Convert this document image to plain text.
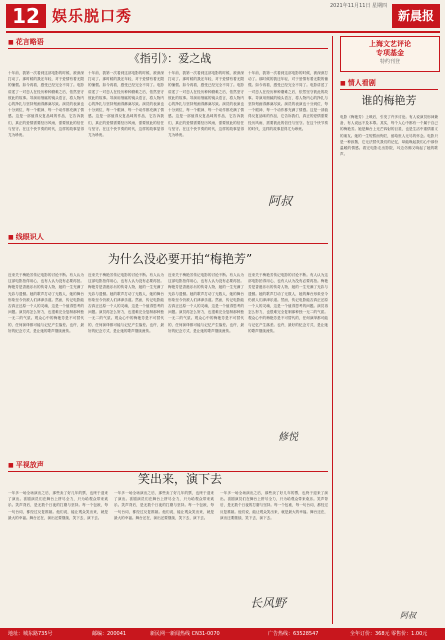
12 娱乐脱口秀
2021年11月11日 星期四
新晨报
■ 花言略语
《指引》：爱之战
十年前，我第一次看到这部电影的时候，被深深打动了。那时候的我还年轻，对于爱情有着无限的憧憬。如今再看，感受已经完全不同了。电影讲述了一对恋人在经历种种磨难之后，依然坚守彼此的故事。导演用细腻的镜头语言，将人物内心的挣扎与坚持刻画得淋漓尽致。演员的表演也十分到位，每一个眼神、每一个动作都充满了情感。这是一部值得反复品味的作品，它告诉我们，真正的爱情需要经历风雨，需要彼此的信任与坚守。在这个快节奏的时代，这样的故事显得尤为珍贵。
十年前，我第一次看到这部电影的时候，被深深打动了。那时候的我还年轻，对于爱情有着无限的憧憬。如今再看，感受已经完全不同了。电影讲述了一对恋人在经历种种磨难之后，依然坚守彼此的故事。导演用细腻的镜头语言，将人物内心的挣扎与坚持刻画得淋漓尽致。演员的表演也十分到位，每一个眼神、每一个动作都充满了情感。这是一部值得反复品味的作品，它告诉我们，真正的爱情需要经历风雨，需要彼此的信任与坚守。在这个快节奏的时代，这样的故事显得尤为珍贵。
十年前，我第一次看到这部电影的时候，被深深打动了。那时候的我还年轻，对于爱情有着无限的憧憬。如今再看，感受已经完全不同了。电影讲述了一对恋人在经历种种磨难之后，依然坚守彼此的故事。导演用细腻的镜头语言，将人物内心的挣扎与坚持刻画得淋漓尽致。演员的表演也十分到位，每一个眼神、每一个动作都充满了情感。这是一部值得反复品味的作品，它告诉我们，真正的爱情需要经历风雨，需要彼此的信任与坚守。在这个快节奏的时代，这样的故事显得尤为珍贵。
十年前，我第一次看到这部电影的时候，被深深打动了。那时候的我还年轻，对于爱情有着无限的憧憬。如今再看，感受已经完全不同了。电影讲述了一对恋人在经历种种磨难之后，依然坚守彼此的故事。导演用细腻的镜头语言，将人物内心的挣扎与坚持刻画得淋漓尽致。演员的表演也十分到位，每一个眼神、每一个动作都充满了情感。这是一部值得反复品味的作品，它告诉我们，真正的爱情需要经历风雨，需要彼此的信任与坚守。在这个快节奏的时代，这样的故事显得尤为珍贵。
阿叔
■ 线眼识人
为什么没必要开拍“梅艳芳”
近来关于梅艳芳传记电影的讨论不断。有人认为这部电影拍得用心，也有人认为没有必要再拍。梅艳芳是香港乐坛的传奇人物，她的一生充满了光彩与遗憾。她的歌声打动了无数人，她的舞台形象至今仍被人们津津乐道。然而，传记电影能否真正还原一个人的灵魂，这是一个值得思考的问题。演员再怎么努力，也很难完全复制那种独一无二的气质。观众心中的梅艳芳是不可替代的，任何演绎都可能与记忆产生落差。也许，最好的纪念方式，是让她的歌声继续流传。
近来关于梅艳芳传记电影的讨论不断。有人认为这部电影拍得用心，也有人认为没有必要再拍。梅艳芳是香港乐坛的传奇人物，她的一生充满了光彩与遗憾。她的歌声打动了无数人，她的舞台形象至今仍被人们津津乐道。然而，传记电影能否真正还原一个人的灵魂，这是一个值得思考的问题。演员再怎么努力，也很难完全复制那种独一无二的气质。观众心中的梅艳芳是不可替代的，任何演绎都可能与记忆产生落差。也许，最好的纪念方式，是让她的歌声继续流传。
近来关于梅艳芳传记电影的讨论不断。有人认为这部电影拍得用心，也有人认为没有必要再拍。梅艳芳是香港乐坛的传奇人物，她的一生充满了光彩与遗憾。她的歌声打动了无数人，她的舞台形象至今仍被人们津津乐道。然而，传记电影能否真正还原一个人的灵魂，这是一个值得思考的问题。演员再怎么努力，也很难完全复制那种独一无二的气质。观众心中的梅艳芳是不可替代的，任何演绎都可能与记忆产生落差。也许，最好的纪念方式，是让她的歌声继续流传。
近来关于梅艳芳传记电影的讨论不断。有人认为这部电影拍得用心，也有人认为没有必要再拍。梅艳芳是香港乐坛的传奇人物，她的一生充满了光彩与遗憾。她的歌声打动了无数人，她的舞台形象至今仍被人们津津乐道。然而，传记电影能否真正还原一个人的灵魂，这是一个值得思考的问题。演员再怎么努力，也很难完全复制那种独一无二的气质。观众心中的梅艳芳是不可替代的，任何演绎都可能与记忆产生落差。也许，最好的纪念方式，是让她的歌声继续流传。
修悦
■ 平视放声
笑出来，演下去
一年多一场全场演出之后，那些卖了好几年的票，也终于迎来了演出。喜剧演员们在舞台上拼尽全力，只为给观众带来欢乐。笑声背后，是无数个日夜的打磨与坚持。每一个包袱，每一句台词，都经过反复推敲。他们说，能让观众笑出来，就是最大的幸福。舞台还在，演出还要继续，笑下去，演下去。
一年多一场全场演出之后，那些卖了好几年的票，也终于迎来了演出。喜剧演员们在舞台上拼尽全力，只为给观众带来欢乐。笑声背后，是无数个日夜的打磨与坚持。每一个包袱，每一句台词，都经过反复推敲。他们说，能让观众笑出来，就是最大的幸福。舞台还在，演出还要继续，笑下去，演下去。
一年多一场全场演出之后，那些卖了好几年的票，也终于迎来了演出。喜剧演员们在舞台上拼尽全力，只为给观众带来欢乐。笑声背后，是无数个日夜的打磨与坚持。每一个包袱，每一句台词，都经过反复推敲。他们说，能让观众笑出来，就是最大的幸福。舞台还在，演出还要继续，笑下去，演下去。
长风野
上海文艺评论
专项基金
特约刊登
■ 情人看剧
谁的梅艳芳
电影《梅艳芳》上映后，引发了许多讨论。有人说演员形神兼备，有人说远不及本尊。其实，每个人心中都有一个属于自己的梅艳芳。她是舞台上光芒四射的巨星，也是生活中重情重义的朋友。她的一生短暂而绚烂，留给世人无尽的怀念。电影只是一种致敬，它无法替代我们的记忆，却能唤起我们心中那份温暖的情感。看完电影走出影院，耳边仿佛又响起了她的歌声。
阿叔
地址：城东路735号	邮编：200041	新民网一新闻热线 CN31-0070	广告热线：63528547	全年订价：368元 零售价：1.00元
